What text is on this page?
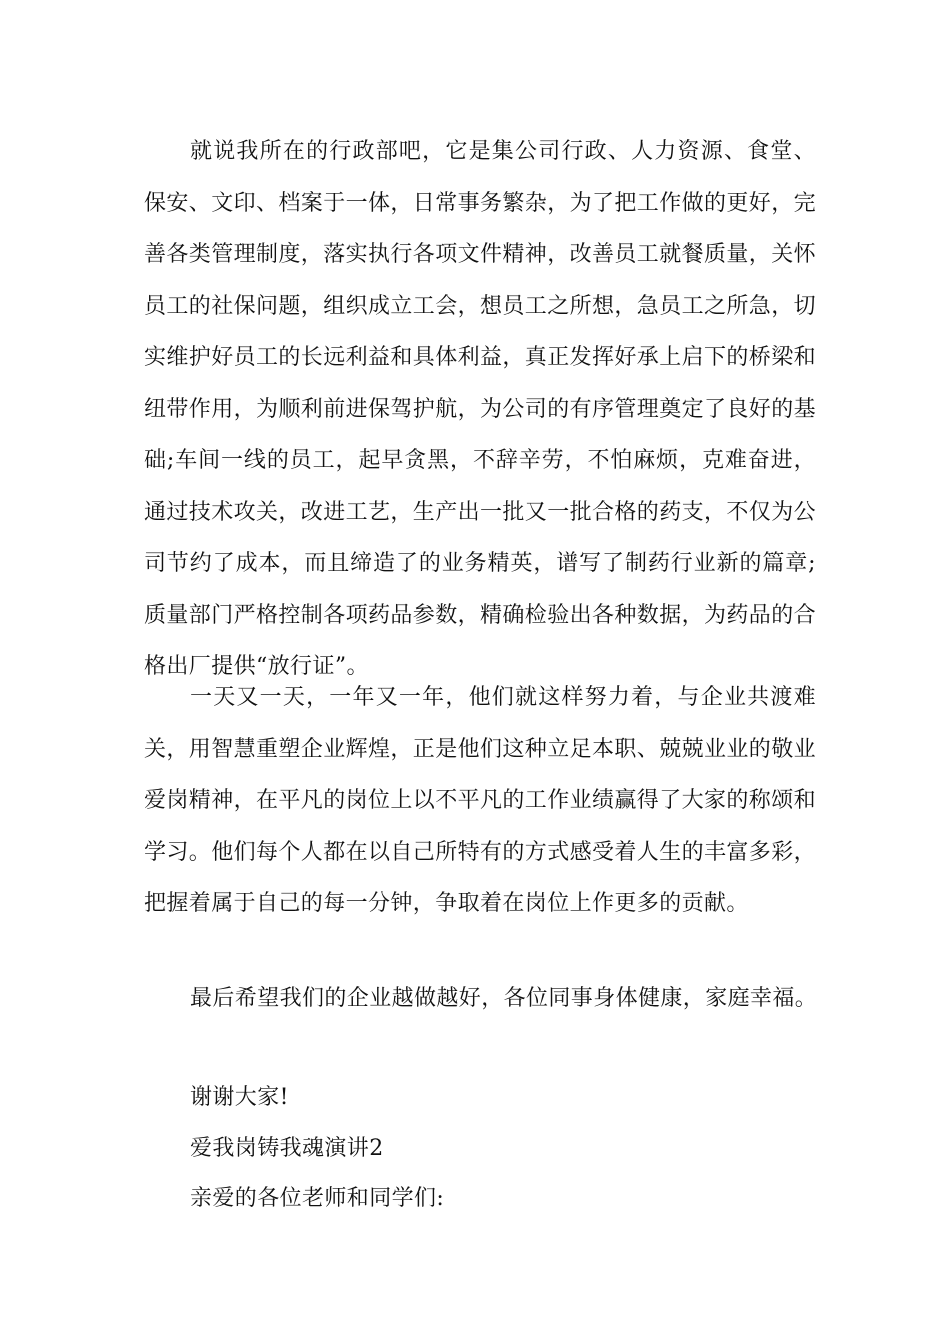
就说我所在的行政部吧，它是集公司行政、人力资源、食堂、保安、文印、档案于一体，日常事务繁杂，为了把工作做的更好，完善各类管理制度，落实执行各项文件精神，改善员工就餐质量，关怀员工的社保问题，组织成立工会，想员工之所想，急员工之所急，切实维护好员工的长远利益和具体利益，真正发挥好承上启下的桥梁和纽带作用，为顺利前进保驾护航，为公司的有序管理奠定了良好的基础;车间一线的员工，起早贪黑，不辞辛劳，不怕麻烦，克难奋进，通过技术攻关，改进工艺，生产出一批又一批合格的药支，不仅为公司节约了成本，而且缔造了的业务精英，谱写了制药行业新的篇章;质量部门严格控制各项药品参数，精确检验出各种数据，为药品的合格出厂提供“放行证”。

一天又一天，一年又一年，他们就这样努力着，与企业共渡难关，用智慧重塑企业辉煌，正是他们这种立足本职、兢兢业业的敬业爱岗精神，在平凡的岗位上以不平凡的工作业绩赢得了大家的称颂和学习。他们每个人都在以自己所特有的方式感受着人生的丰富多彩，把握着属于自己的每一分钟，争取着在岗位上作更多的贡献。

最后希望我们的企业越做越好，各位同事身体健康，家庭幸福。

谢谢大家!

爱我岗铸我魂演讲2

亲爱的各位老师和同学们:
